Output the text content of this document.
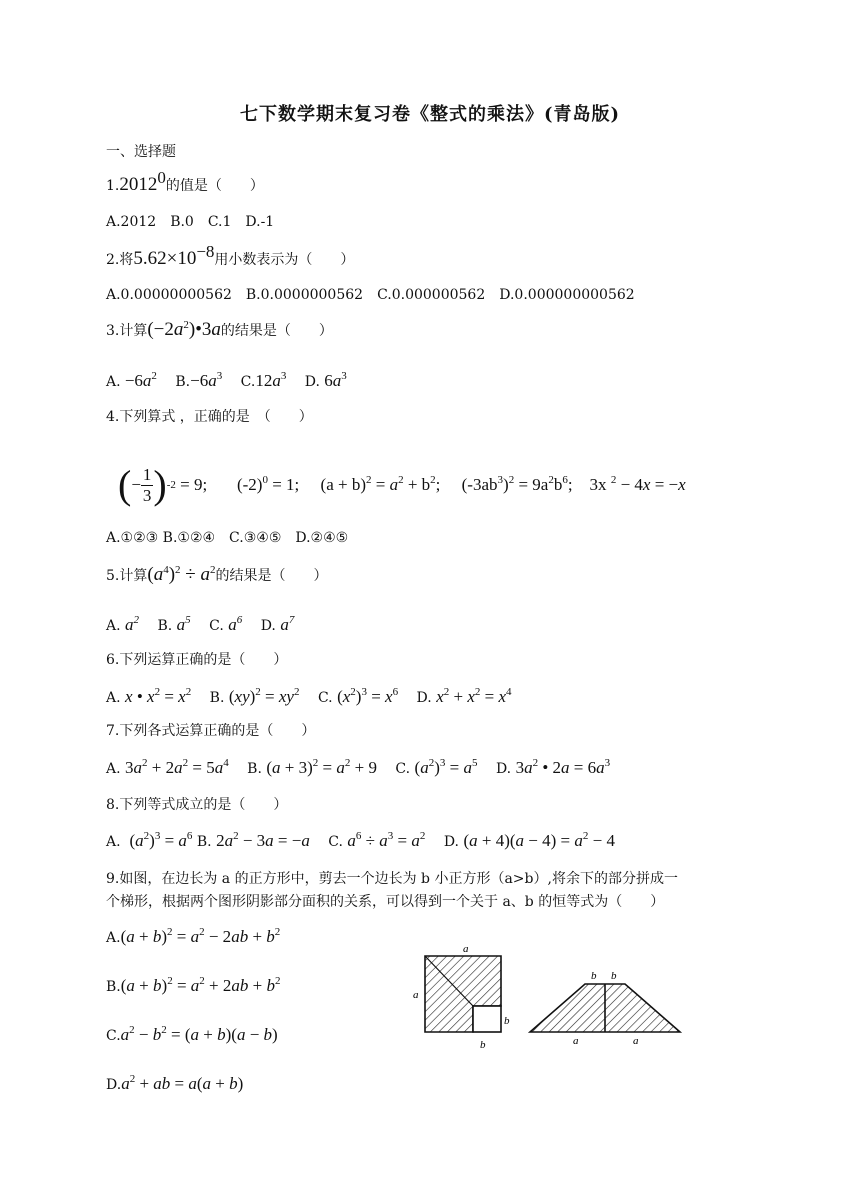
七下数学期末复习卷《整式的乘法》(青岛版)
一、选择题
1.2012$^0$的值是（　　）
A.2012　B.0　C.1　D.-1
2.将$5.62\times 10^{-8}$用小数表示为（　　）
A.0.00000000562　B.0.0000000562　C.0.000000562　D.0.000000000562
3.计算$(-2a^2)•3a$的结果是（　　）
A. $-6a^2$　 $B.-6a^3$　 $C.12a^3$　 D. $6a^3$
4.下列算式 ，正确的是　（　　）
( − $\frac{1}{3}$ ) -2 = 9;　   $(-2)^0 = 1$;　 $(a + b)^2 = a^2 + b^2$;　 $(-3ab^3)^2 = 9a^2b^6$;　3x $^2$ − 4x = −x
A.①②③ B.①②④　C.③④⑤　D.②④⑤
5.计算$(a^4)^2 \div a^2$的结果是（　　）
A. $a^2$　 B. $a^5$　 C. $a^6$　 D. $a^7$
6.下列运算正确的是（　　）
A. x • $x^2 = x^2$　 B. $(xy)^2 = xy^2$　 C. $(x^2)^3 = x^6$　 D. $x^2 + x^2 = x^4$
7.下列各式运算正确的是（　　）
A. $3a^2 + 2a^2 = 5a^4$　 B. $(a + 3)^2 = a^2 + 9$　 C. $(a^2)^3 = a^5$　 D. $3a^2$ • $2a = 6a^3$
8.下列等式成立的是（　　）
A. $(a^2)^3 = a^6$ B. $2a^2 - 3a = -a$　 C. $a^6 \div a^3 = a^2$　 D. $(a + 4)(a - 4) = a^2 - 4$
9.如图，在边长为 a 的正方形中，剪去一个边长为 b 小正方形（a>b）,将余下的部分拼成一
个梯形，根据两个图形阴影部分面积的关系，可以得到一个关于 a、b 的恒等式为（　　）
$A.(a + b)^2 = a^2 - 2ab + b^2$
$B.(a + b)^2 = a^2 + 2ab + b^2$
$C.a^2 - b^2 = (a + b)(a - b)$
$D.a^2$ + ab = a(a + b)
a
a
b
b
b b
a	a
